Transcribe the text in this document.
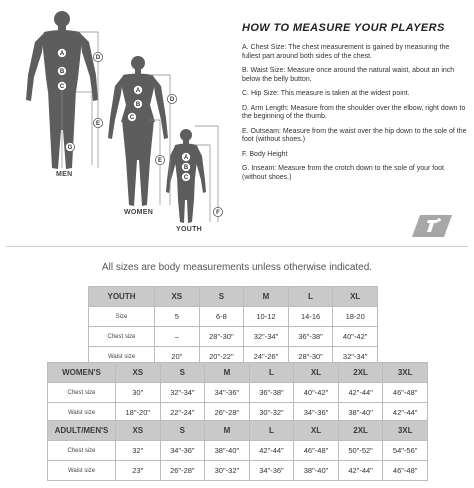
A
B
C
D
E
G
A
B
C
D
E	A
B
C
F
MEN
WOMEN
YOUTH
HOW TO MEASURE YOUR PLAYERS
A. Chest Size: The chest measurement is gained by measuring the fullest part around both sides of the chest.
B. Waist Size: Measure once around the natural waist, about an inch below the belly button.
C. Hip Size: This measure is taken at the widest point.
D. Arm Length: Measure from the shoulder over the elbow, right down to the beginning of the thumb.
E. Outseam: Measure from the waist over the hip down to the sole of the foot (without shoes.)
F. Body Height
G. Inseam: Measure from the crotch down to the sole of your foot (without shoes.)
All sizes are body measurements unless otherwise indicated.
YOUTH	XS	S	M	L	XL
Size	5	6-8	10-12	14-16	18-20
Chest size	–	28"-30"	32"-34"	36"-38"	40"-42"
Waist size	20"	20"-22"	24"-26"	28"-30"	32"-34"
WOMEN'S	XS	S	M	L	XL	2XL	3XL
Chest size	30"	32"-34"	34"-36"	36"-38"	40"-42"	42"-44"	46"-48"
Waist size	18"-20"	22"-24"	26"-28"	30"-32"	34"-36"	38"-40"	42"-44"
ADULT/MEN'S	XS	S	M	L	XL	2XL	3XL
Chest size	32"	34"-36"	38"-40"	42"-44"	46"-48"	50"-52"	54"-56"
Waist size	23"	26"-28"	30"-32"	34"-36"	38"-40"	42"-44"	46"-48"
